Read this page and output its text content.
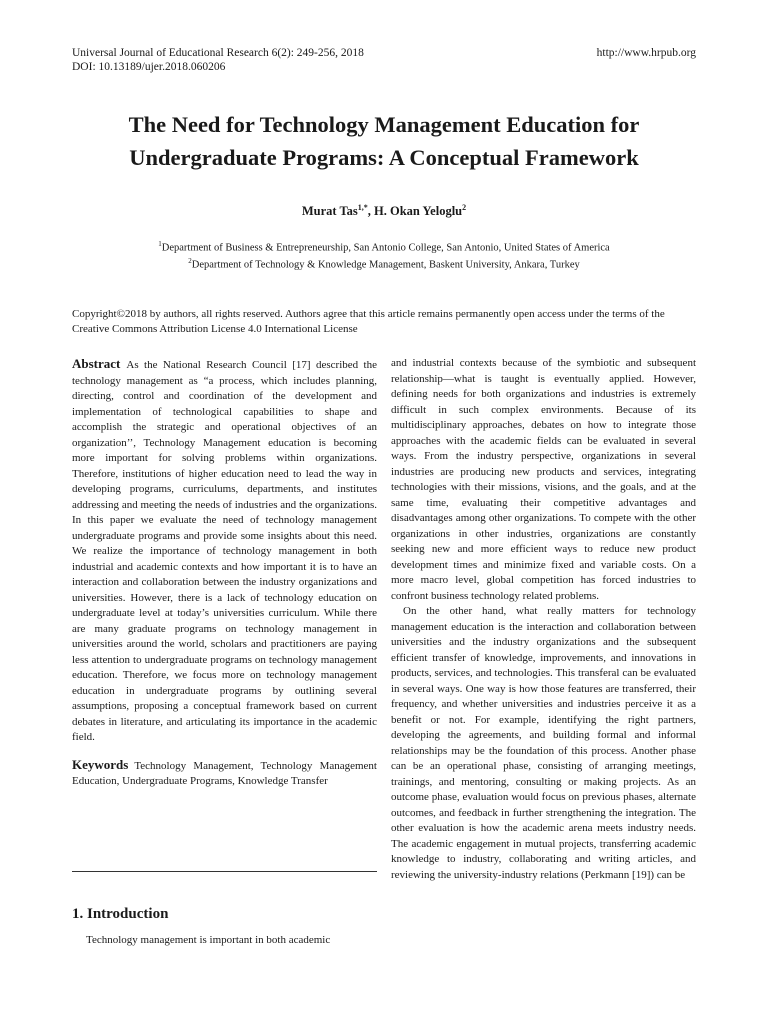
Universal Journal of Educational Research 6(2): 249-256, 2018
DOI: 10.13189/ujer.2018.060206
http://www.hrpub.org
The Need for Technology Management Education for Undergraduate Programs: A Conceptual Framework
Murat Tas$^{1,*}$, H. Okan Yeloglu$^2$
$^1$Department of Business & Entrepreneurship, San Antonio College, San Antonio, United States of America
$^2$Department of Technology & Knowledge Management, Baskent University, Ankara, Turkey
Copyright©2018 by authors, all rights reserved. Authors agree that this article remains permanently open access under the terms of the Creative Commons Attribution License 4.0 International License

Abstract As the National Research Council [17] described the technology management as “a process, which includes planning, directing, control and coordination of the development and implementation of technological capabilities to shape and accomplish the strategic and operational objectives of an organization’’, Technology Management education is becoming more important for solving problems within organizations. Therefore, institutions of higher education need to lead the way in developing programs, curriculums, departments, and institutes addressing and meeting the needs of industries and the organizations. In this paper we evaluate the need of technology management undergraduate programs and provide some insights about this need. We realize the importance of technology management in both industrial and academic contexts and how important it is to have an interaction and collaboration between the industry organizations and universities. However, there is a lack of technology education on undergraduate level at today’s universities curriculum. While there are many graduate programs on technology management in universities around the world, scholars and practitioners are paying less attention to undergraduate programs on technology management education. Therefore, we focus more on technology management education in undergraduate programs by outlining several assumptions, proposing a conceptual framework based on current debates in literature, and articulating its importance in the academic field.

Keywords Technology Management, Technology Management Education, Undergraduate Programs, Knowledge Transfer

1. Introduction
Technology management is important in both academic

and industrial contexts because of the symbiotic and subsequent relationship—what is taught is eventually applied. However, defining needs for both organizations and industries is extremely difficult in such complex environments. Because of its multidisciplinary approaches, debates on how to integrate those approaches with the academic fields can be evaluated in several ways. From the industry perspective, organizations in several industries are producing new products and services, integrating technologies with their missions, visions, and the goals, and at the same time, evaluating their competitive advantages and disadvantages among other organizations. To compete with the other organizations in other industries, organizations are constantly seeking new and more efficient ways to reduce new product development times and minimize fixed and variable costs. On a more macro level, global competition has forced industries to confront business technology related problems.

On the other hand, what really matters for technology management education is the interaction and collaboration between universities and the industry organizations and the subsequent efficient transfer of knowledge, improvements, and innovations in products, services, and technologies. This transferal can be evaluated in several ways. One way is how those features are transferred, their frequency, and whether universities and industries perceive it as a benefit or not. For example, identifying the right partners, developing the agreements, and building formal and informal relationships may be the foundation of this process. Another phase can be an operational phase, consisting of arranging meetings, trainings, and mentoring, consulting or making projects. As an outcome phase, evaluation would focus on previous phases, alternate outcomes, and feedback in further strengthening the integration. The other evaluation is how the academic arena meets industry needs. The academic engagement in mutual projects, transferring academic knowledge to industry, collaborating and writing articles, and reviewing the university-industry relations (Perkmann [19]) can be
